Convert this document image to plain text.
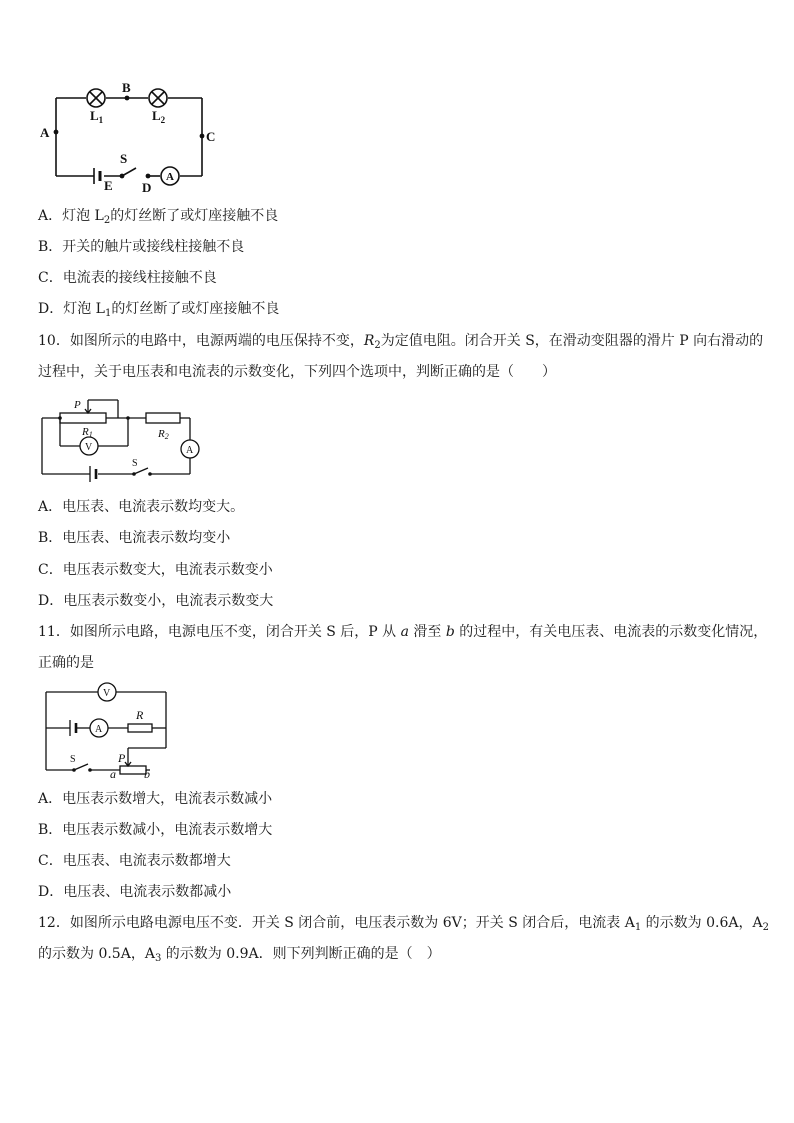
B
A	C
D
E
S
$L_1$	$L_2$
A
A．灯泡 $L_2$的灯丝断了或灯座接触不良
B．开关的触片或接线柱接触不良
C．电流表的接线柱接触不良
D．灯泡 $L_1$的灯丝断了或灯座接触不良
10．如图所示的电路中，电源两端的电压保持不变，$R_2$为定值电阻。闭合开关 S，在滑动变阻器的滑片 P 向右滑动的
过程中，关于电压表和电流表的示数变化，下列四个选项中，判断正确的是（　　）
P
R1	R2
V	A
S
A．电压表、电流表示数均变大。
B．电压表、电流表示数均变小
C．电压表示数变大，电流表示数变小
D．电压表示数变小，电流表示数变大
11．如图所示电路，电源电压不变，闭合开关 S 后，P 从 a 滑至 b 的过程中，有关电压表、电流表的示数变化情况，
正确的是
V
A
S
R
P
a b
A．电压表示数增大，电流表示数减小
B．电压表示数减小，电流表示数增大
C．电压表、电流表示数都增大
D．电压表、电流表示数都减小
12．如图所示电路电源电压不变．开关 S 闭合前，电压表示数为 6V；开关 S 闭合后，电流表 $A_1$ 的示数为 0.6A，$A_2$
的示数为 0.5A，$A_3$ 的示数为 0.9A．则下列判断正确的是（　）
